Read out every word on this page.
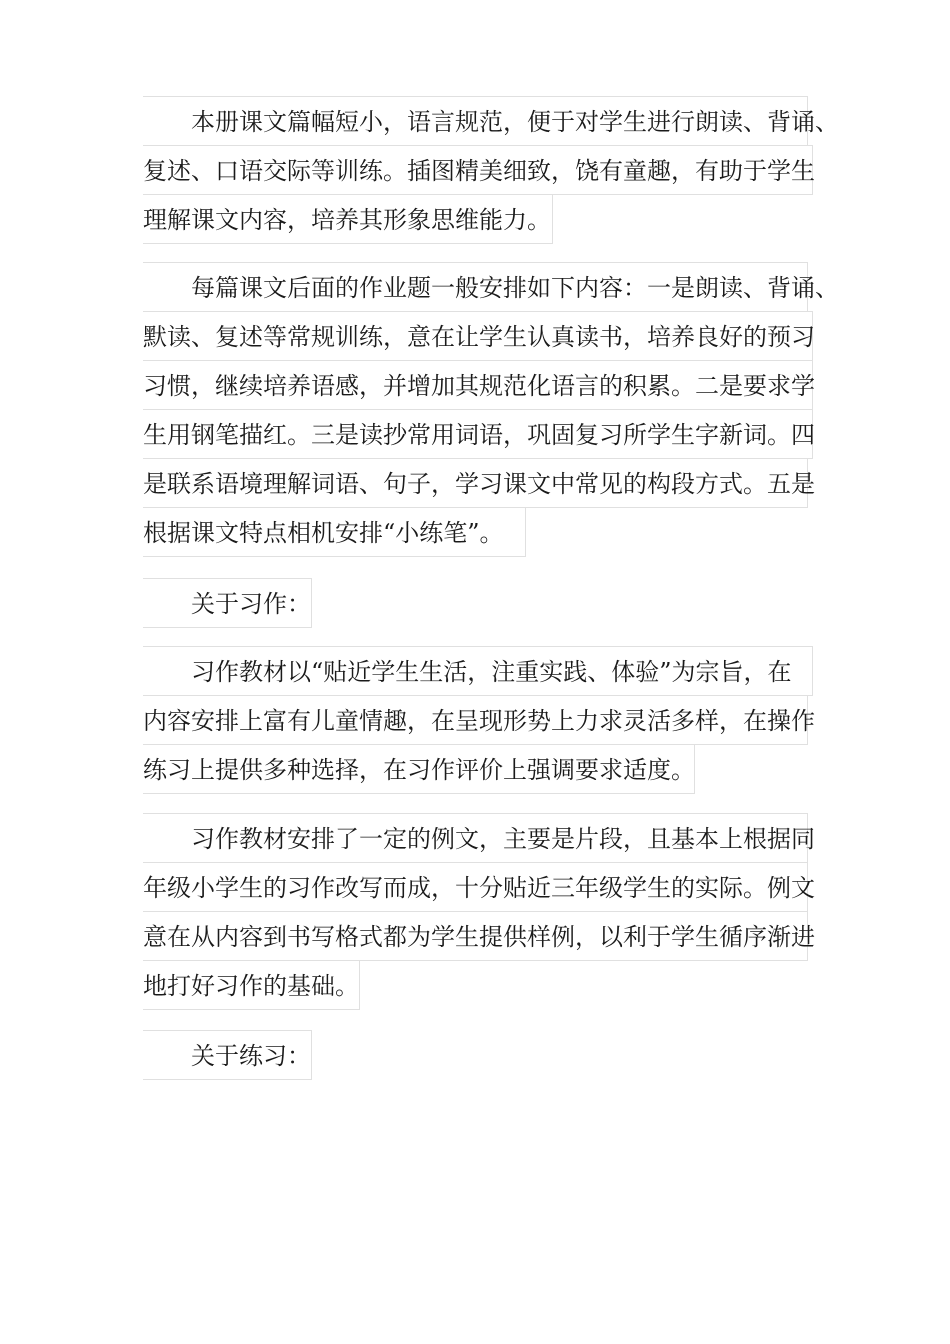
本册课文篇幅短小，语言规范，便于对学生进行朗读、背诵、
复述、口语交际等训练。插图精美细致，饶有童趣，有助于学生
理解课文内容，培养其形象思维能力。
每篇课文后面的作业题一般安排如下内容：一是朗读、背诵、
默读、复述等常规训练，意在让学生认真读书，培养良好的预习
习惯，继续培养语感，并增加其规范化语言的积累。二是要求学
生用钢笔描红。三是读抄常用词语，巩固复习所学生字新词。四
是联系语境理解词语、句子，学习课文中常见的构段方式。五是
根据课文特点相机安排“小练笔”。
关于习作：
习作教材以“贴近学生生活，注重实践、体验”为宗旨，在
内容安排上富有儿童情趣，在呈现形势上力求灵活多样，在操作
练习上提供多种选择，在习作评价上强调要求适度。
习作教材安排了一定的例文，主要是片段，且基本上根据同
年级小学生的习作改写而成，十分贴近三年级学生的实际。例文
意在从内容到书写格式都为学生提供样例，以利于学生循序渐进
地打好习作的基础。
关于练习：
